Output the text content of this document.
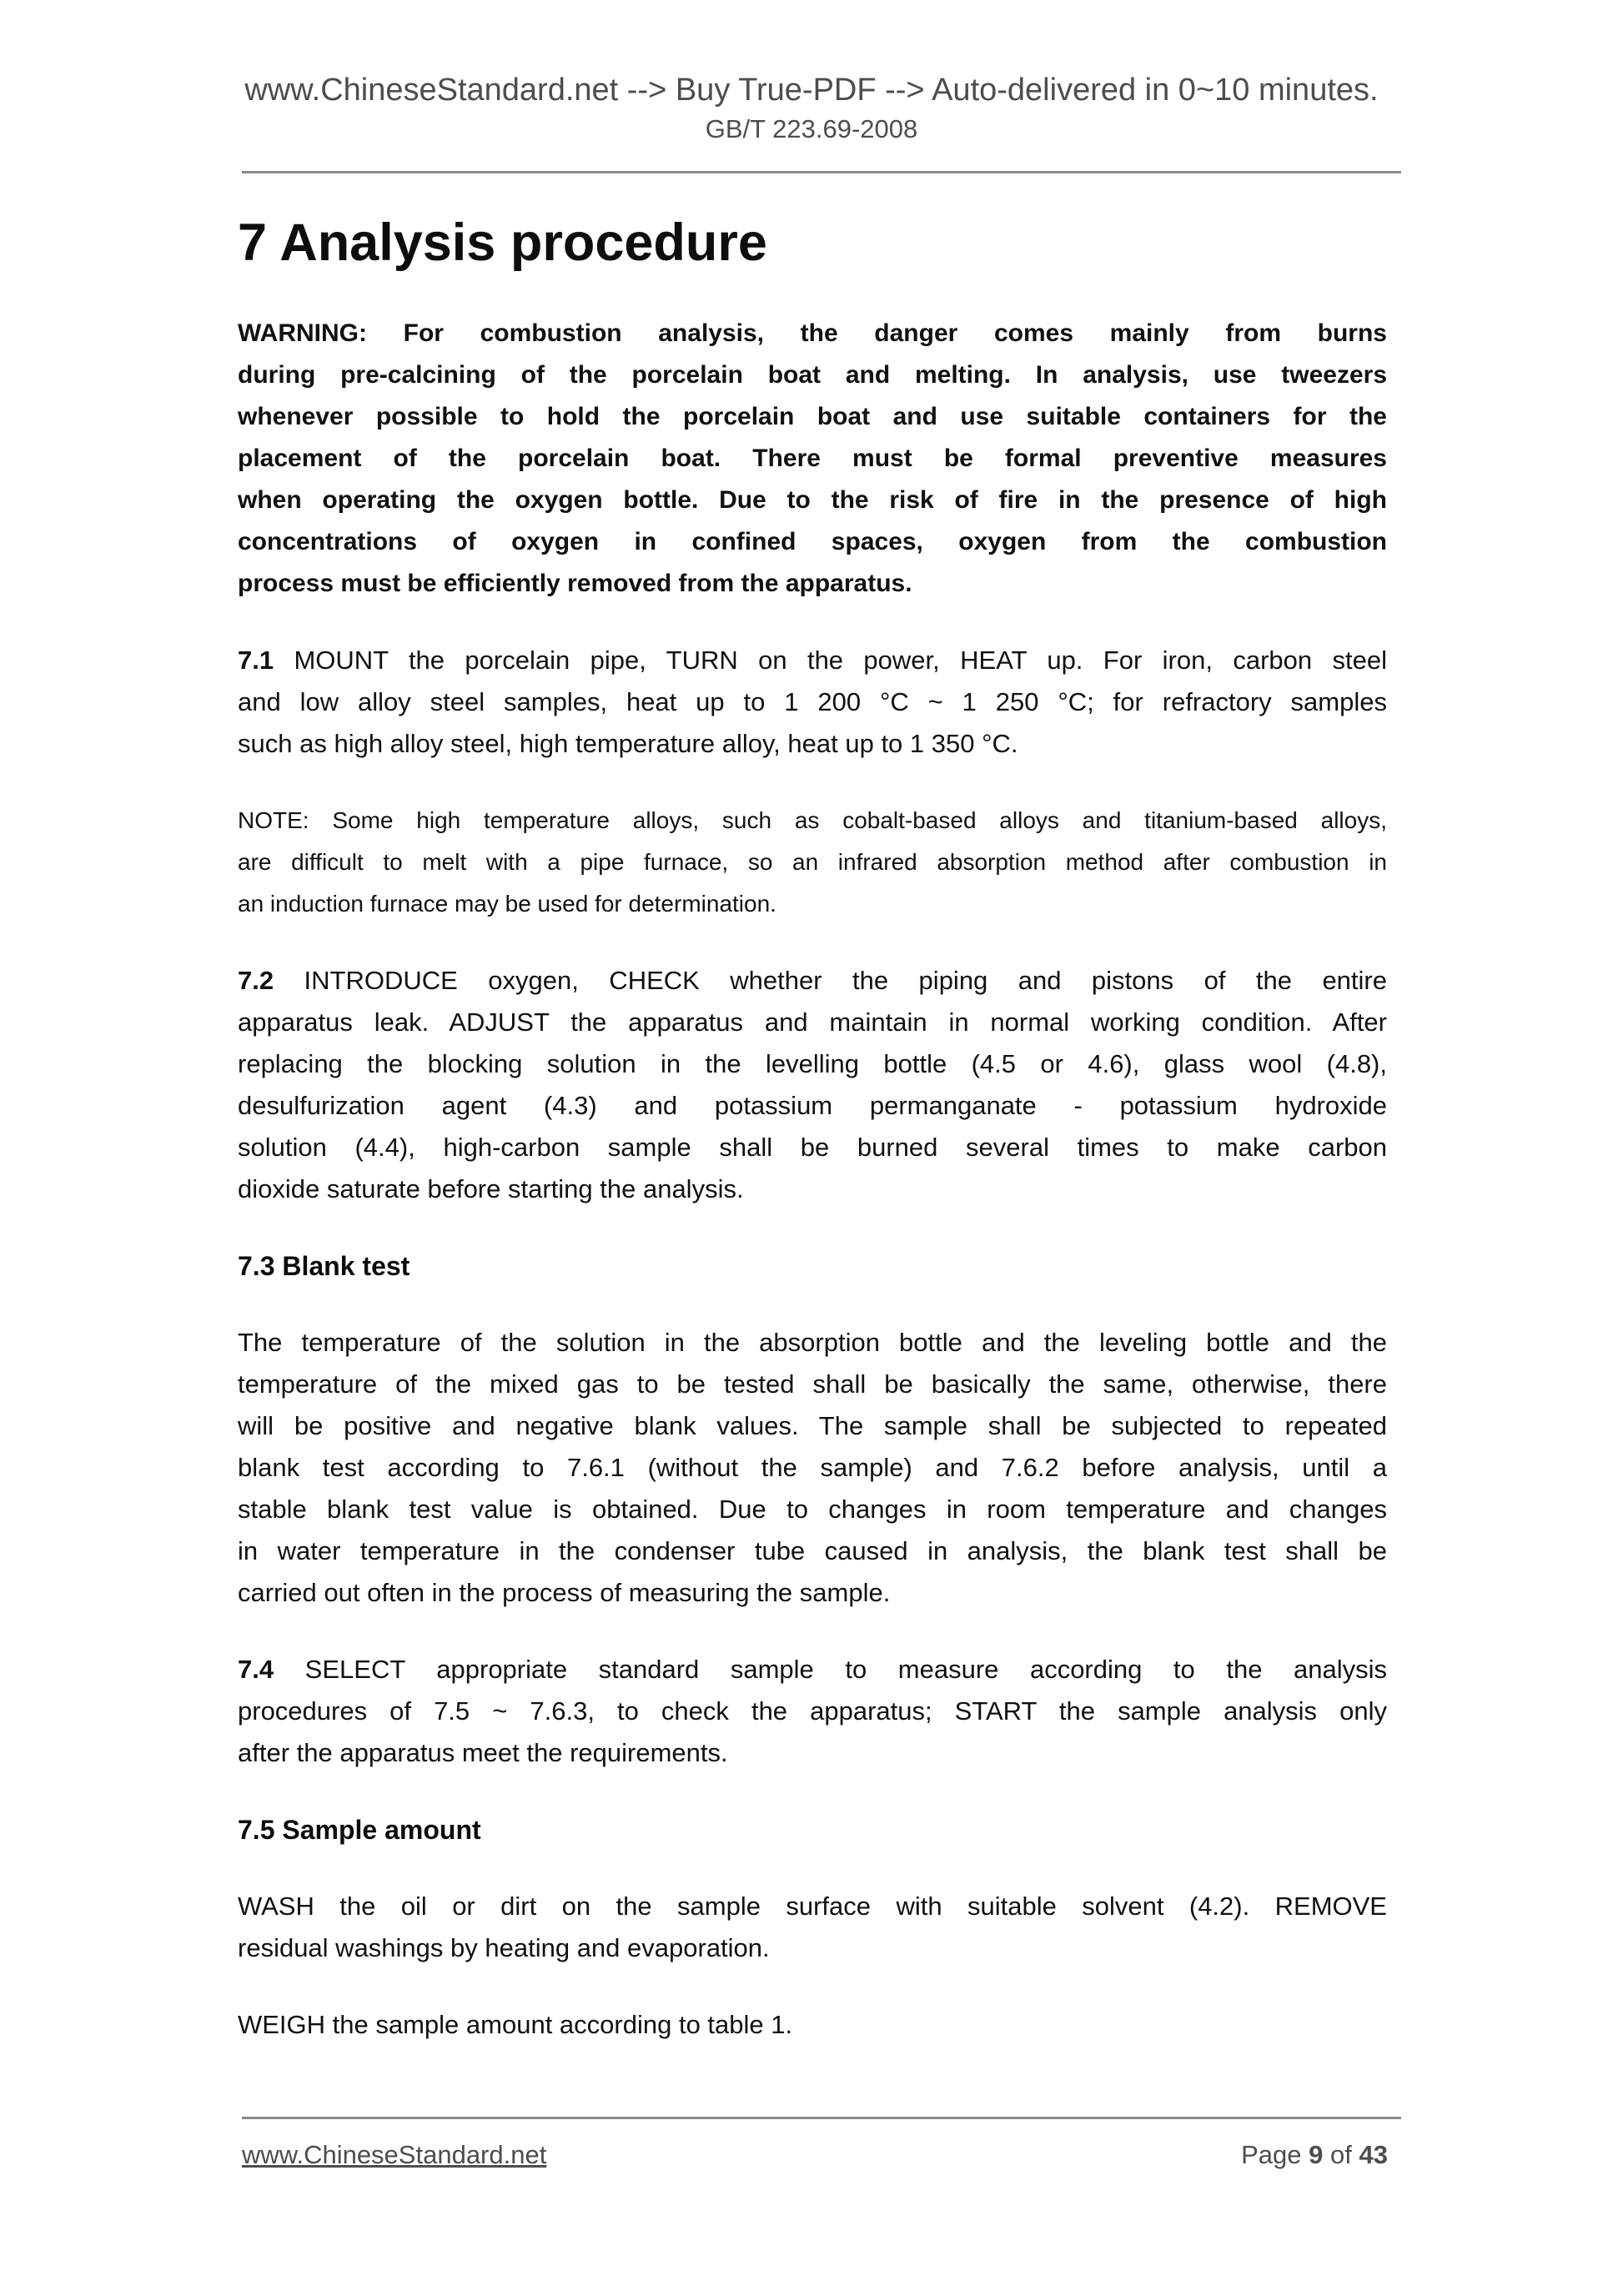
www.ChineseStandard.net --> Buy True-PDF --> Auto-delivered in 0~10 minutes.
GB/T 223.69-2008
7 Analysis procedure
WARNING: For combustion analysis, the danger comes mainly from burns
during pre-calcining of the porcelain boat and melting. In analysis, use tweezers
whenever possible to hold the porcelain boat and use suitable containers for the
placement of the porcelain boat. There must be formal preventive measures
when operating the oxygen bottle. Due to the risk of fire in the presence of high
concentrations of oxygen in confined spaces, oxygen from the combustion
process must be efficiently removed from the apparatus.
7.1 MOUNT the porcelain pipe, TURN on the power, HEAT up. For iron, carbon steel
and low alloy steel samples, heat up to 1 200 °C ~ 1 250 °C; for refractory samples
such as high alloy steel, high temperature alloy, heat up to 1 350 °C.
NOTE: Some high temperature alloys, such as cobalt-based alloys and titanium-based alloys,
are difficult to melt with a pipe furnace, so an infrared absorption method after combustion in
an induction furnace may be used for determination.
7.2 INTRODUCE oxygen, CHECK whether the piping and pistons of the entire
apparatus leak. ADJUST the apparatus and maintain in normal working condition. After
replacing the blocking solution in the levelling bottle (4.5 or 4.6), glass wool (4.8),
desulfurization agent (4.3) and potassium permanganate - potassium hydroxide
solution (4.4), high-carbon sample shall be burned several times to make carbon
dioxide saturate before starting the analysis.
7.3 Blank test
The temperature of the solution in the absorption bottle and the leveling bottle and the
temperature of the mixed gas to be tested shall be basically the same, otherwise, there
will be positive and negative blank values. The sample shall be subjected to repeated
blank test according to 7.6.1 (without the sample) and 7.6.2 before analysis, until a
stable blank test value is obtained. Due to changes in room temperature and changes
in water temperature in the condenser tube caused in analysis, the blank test shall be
carried out often in the process of measuring the sample.
7.4 SELECT appropriate standard sample to measure according to the analysis
procedures of 7.5 ~ 7.6.3, to check the apparatus; START the sample analysis only
after the apparatus meet the requirements.
7.5 Sample amount
WASH the oil or dirt on the sample surface with suitable solvent (4.2). REMOVE
residual washings by heating and evaporation.
WEIGH the sample amount according to table 1.
www.ChineseStandard.net	Page 9 of 43
